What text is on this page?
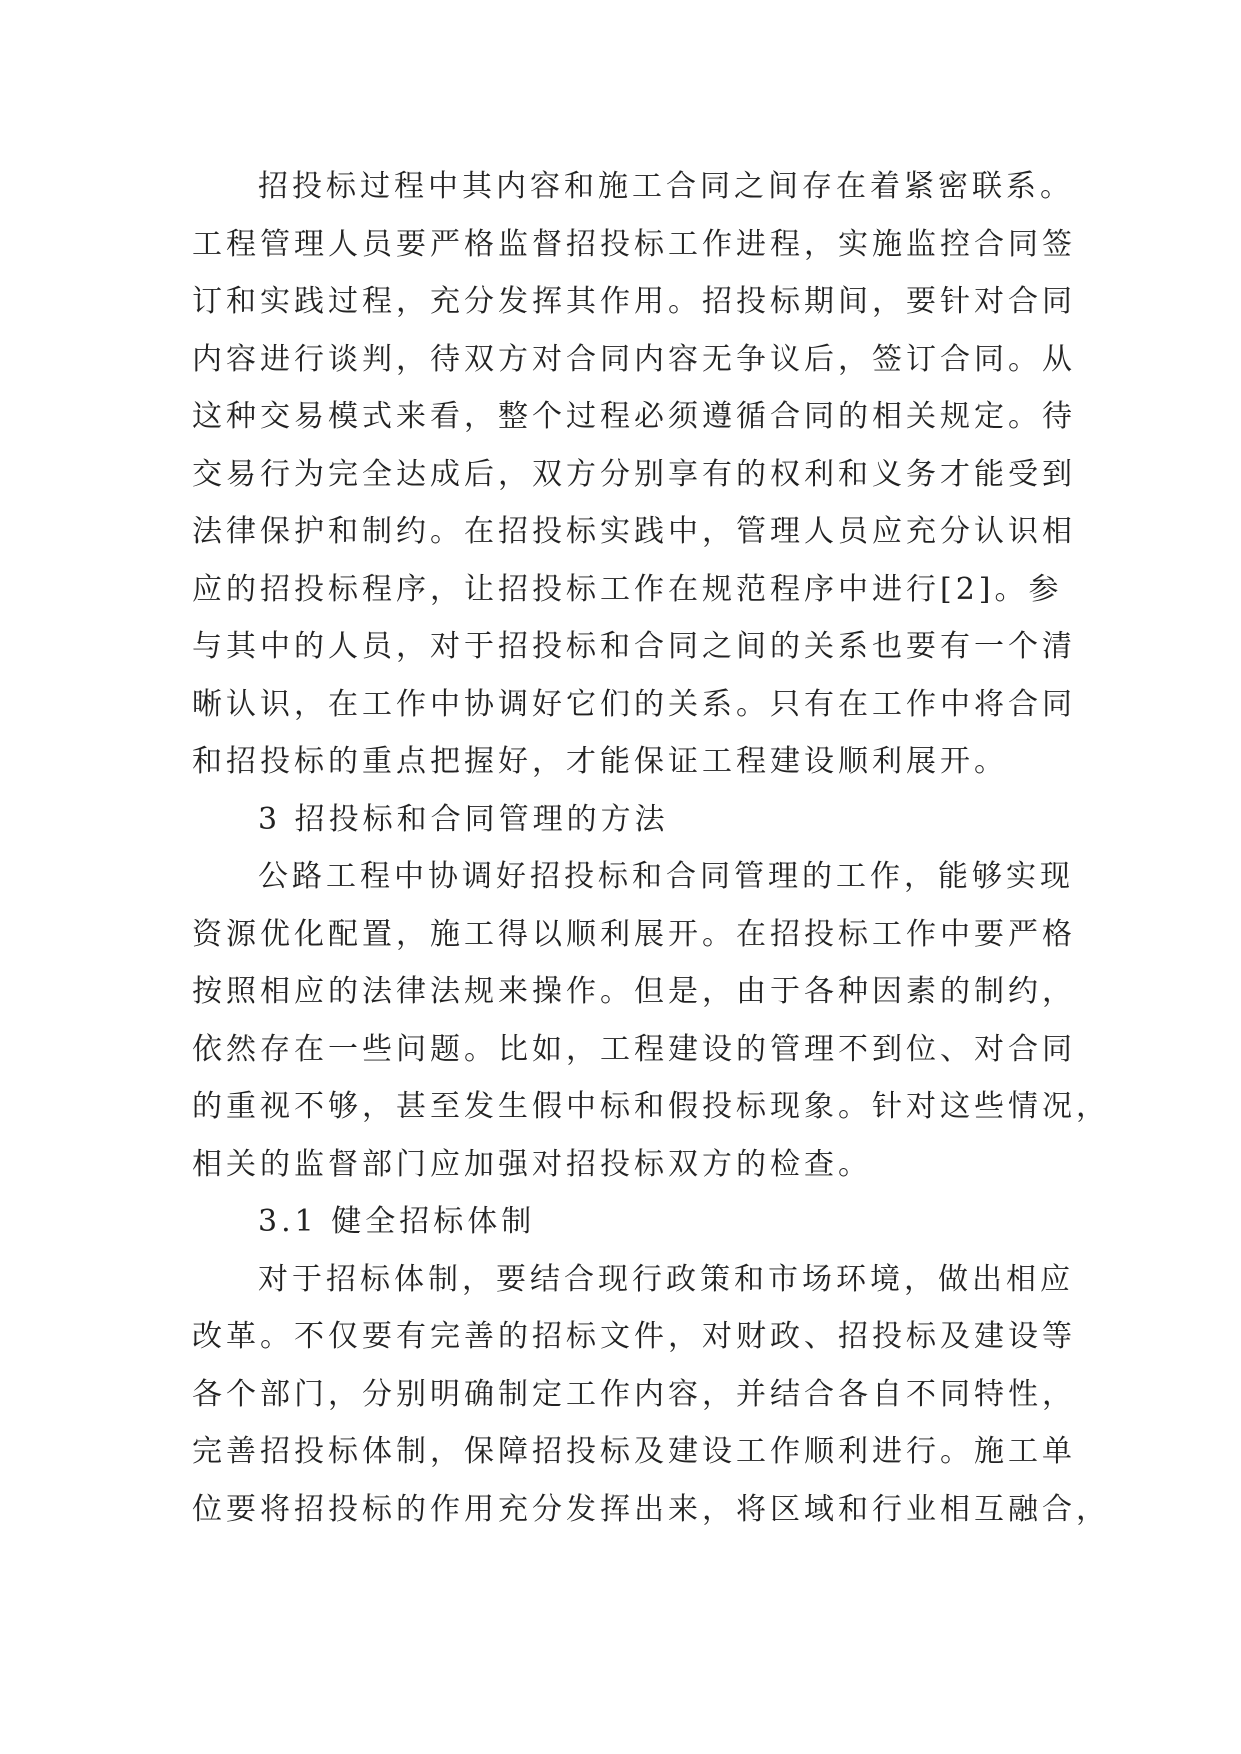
招投标过程中其内容和施工合同之间存在着紧密联系。
工程管理人员要严格监督招投标工作进程，实施监控合同签
订和实践过程，充分发挥其作用。招投标期间，要针对合同
内容进行谈判，待双方对合同内容无争议后，签订合同。从
这种交易模式来看，整个过程必须遵循合同的相关规定。待
交易行为完全达成后，双方分别享有的权利和义务才能受到
法律保护和制约。在招投标实践中，管理人员应充分认识相
应的招投标程序，让招投标工作在规范程序中进行[2]。参
与其中的人员，对于招投标和合同之间的关系也要有一个清
晰认识，在工作中协调好它们的关系。只有在工作中将合同
和招投标的重点把握好，才能保证工程建设顺利展开。
3 招投标和合同管理的方法
公路工程中协调好招投标和合同管理的工作，能够实现
资源优化配置，施工得以顺利展开。在招投标工作中要严格
按照相应的法律法规来操作。但是，由于各种因素的制约，
依然存在一些问题。比如，工程建设的管理不到位、对合同
的重视不够，甚至发生假中标和假投标现象。针对这些情况，
相关的监督部门应加强对招投标双方的检查。
3.1 健全招标体制
对于招标体制，要结合现行政策和市场环境，做出相应
改革。不仅要有完善的招标文件，对财政、招投标及建设等
各个部门，分别明确制定工作内容，并结合各自不同特性，
完善招投标体制，保障招投标及建设工作顺利进行。施工单
位要将招投标的作用充分发挥出来，将区域和行业相互融合，
